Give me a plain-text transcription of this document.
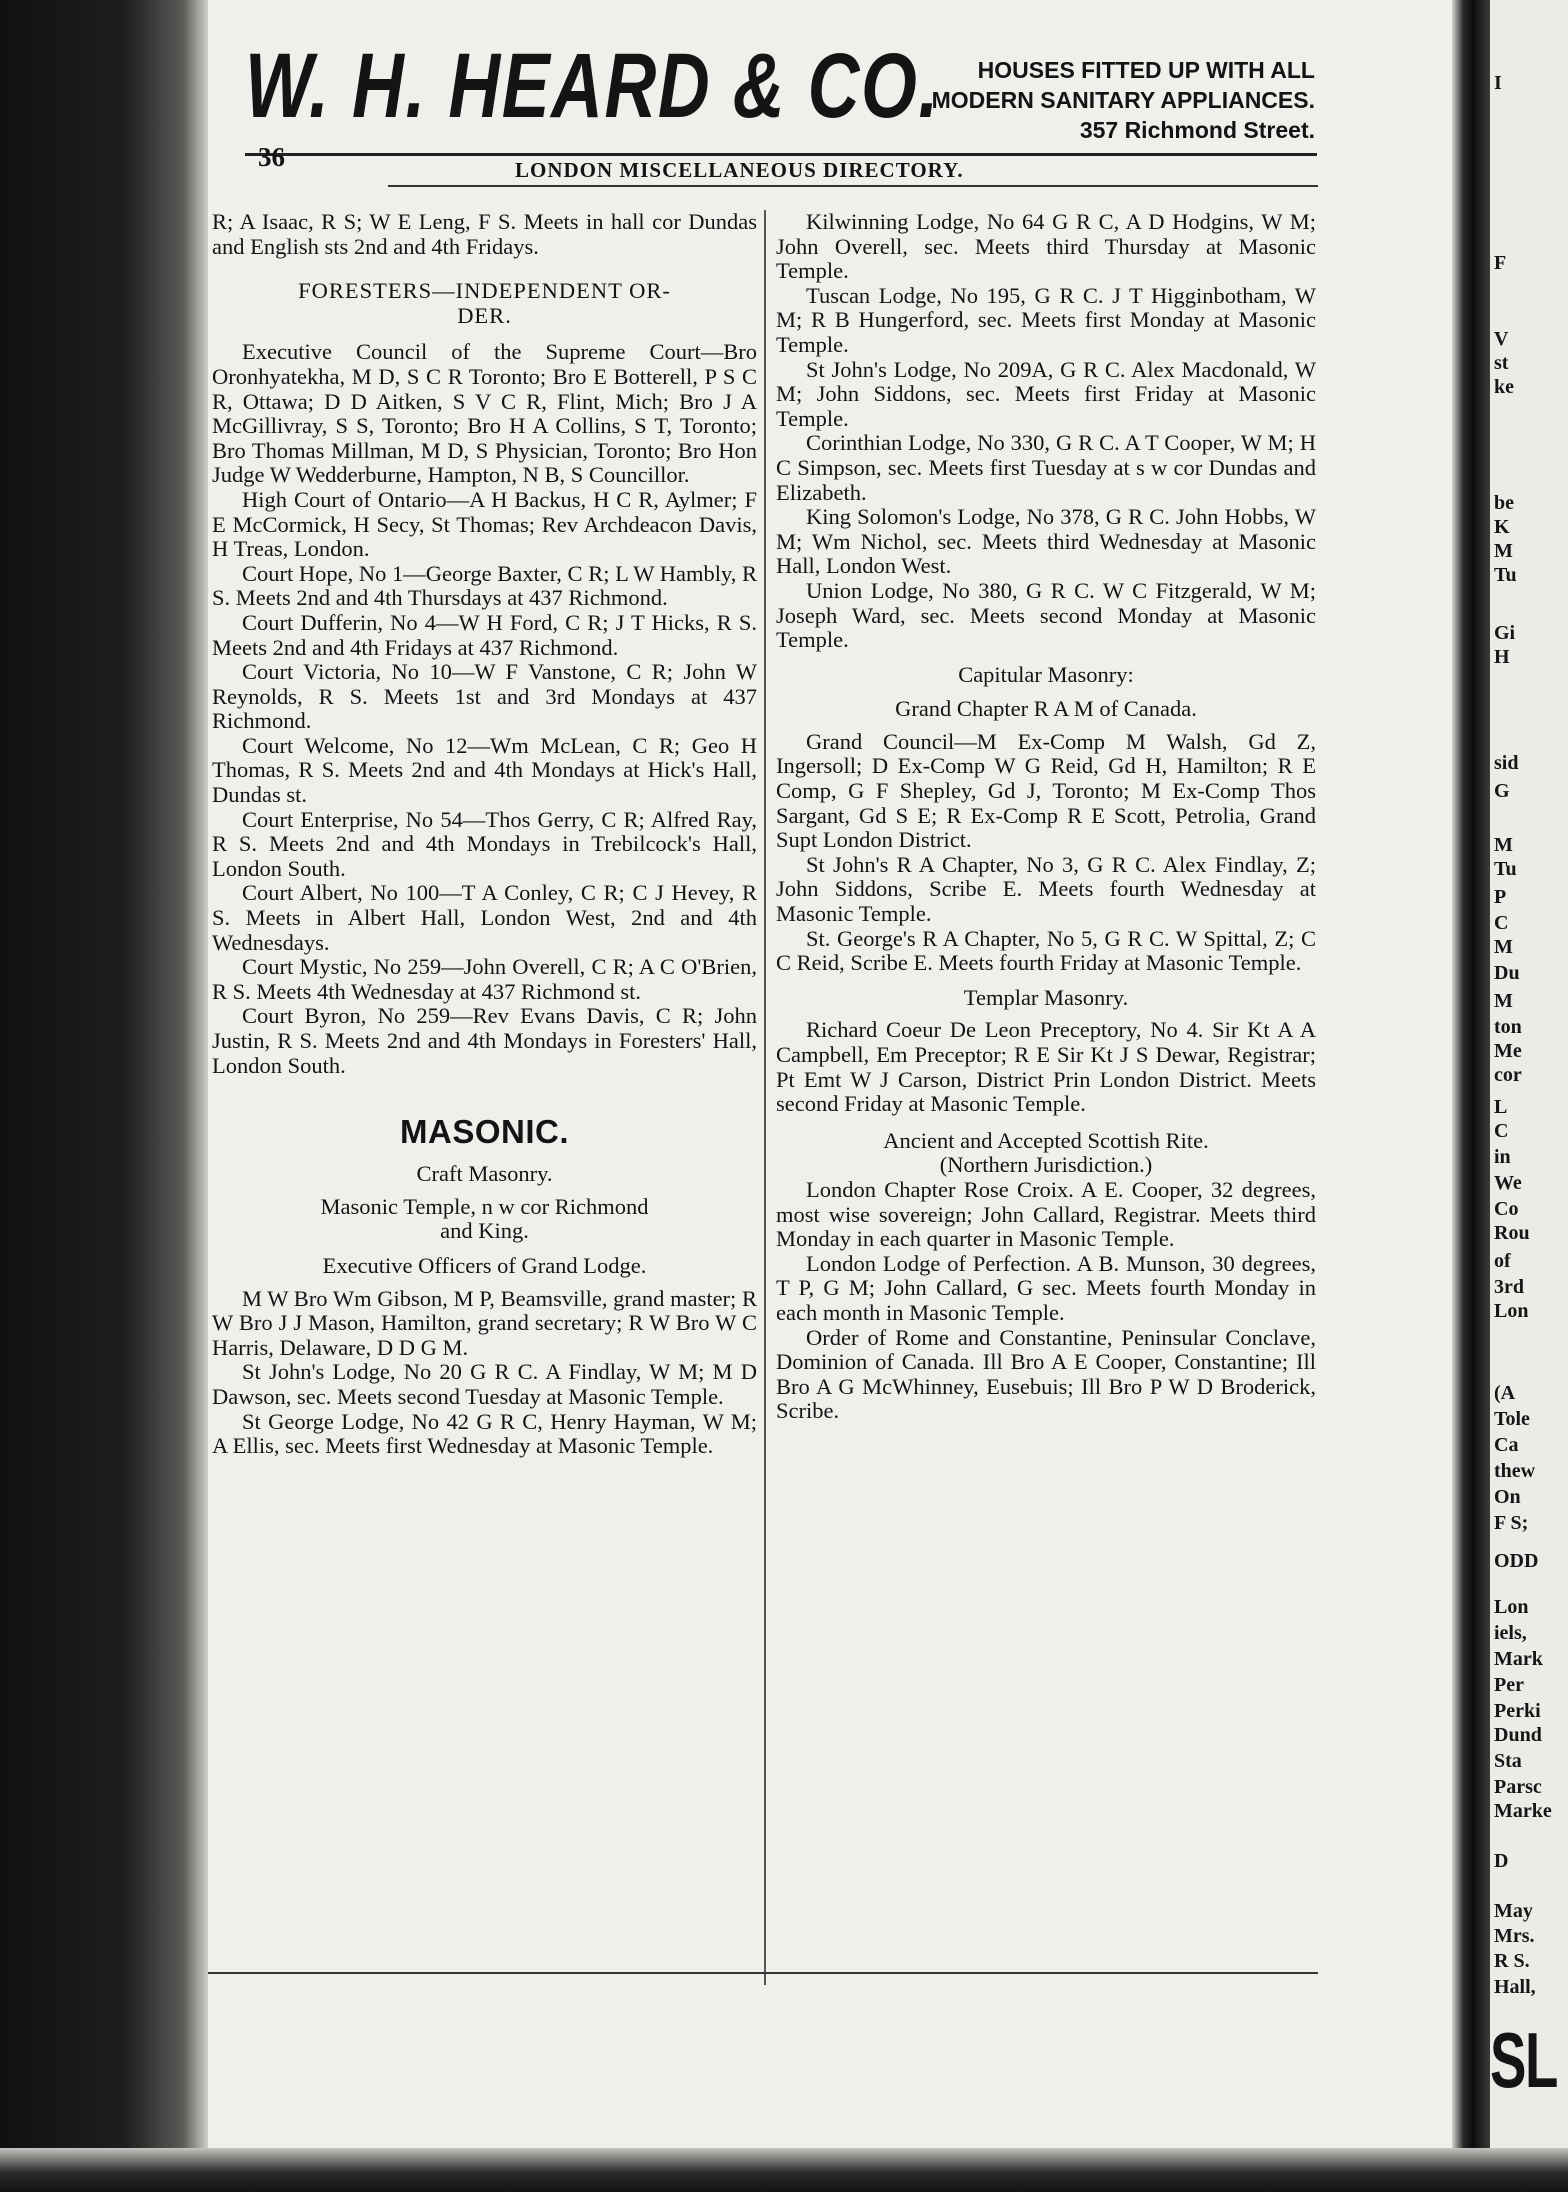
W. H. HEARD & CO.	HOUSES FITTED UP WITH ALL
MODERN SANITARY APPLIANCES.
357 Richmond Street.
36	LONDON MISCELLANEOUS DIRECTORY.

R; A Isaac, R S; W E Leng, F S. Meets in hall cor Dundas and English sts 2nd and 4th Fridays.

FORESTERS—INDEPENDENT OR-
DER.

Executive Council of the Supreme Court—Bro Oronhyatekha, M D, S C R Toronto; Bro E Botterell, P S C R, Ottawa; D D Aitken, S V C R, Flint, Mich; Bro J A McGillivray, S S, Toronto; Bro H A Collins, S T, Toronto; Bro Thomas Millman, M D, S Physician, Toronto; Bro Hon Judge W Wedderburne, Hampton, N B, S Councillor.

High Court of Ontario—A H Backus, H C R, Aylmer; F E McCormick, H Secy, St Thomas; Rev Archdeacon Davis, H Treas, London.

Court Hope, No 1—George Baxter, C R; L W Hambly, R S. Meets 2nd and 4th Thursdays at 437 Richmond.

Court Dufferin, No 4—W H Ford, C R; J T Hicks, R S. Meets 2nd and 4th Fridays at 437 Richmond.

Court Victoria, No 10—W F Vanstone, C R; John W Reynolds, R S. Meets 1st and 3rd Mondays at 437 Richmond.

Court Welcome, No 12—Wm McLean, C R; Geo H Thomas, R S. Meets 2nd and 4th Mondays at Hick's Hall, Dundas st.

Court Enterprise, No 54—Thos Gerry, C R; Alfred Ray, R S. Meets 2nd and 4th Mondays in Trebilcock's Hall, London South.

Court Albert, No 100—T A Conley, C R; C J Hevey, R S. Meets in Albert Hall, London West, 2nd and 4th Wednesdays.

Court Mystic, No 259—John Overell, C R; A C O'Brien, R S. Meets 4th Wednesday at 437 Richmond st.

Court Byron, No 259—Rev Evans Davis, C R; John Justin, R S. Meets 2nd and 4th Mondays in Foresters' Hall, London South.

MASONIC.
Craft Masonry.
Masonic Temple, n w cor Richmond
and King.
Executive Officers of Grand Lodge.

M W Bro Wm Gibson, M P, Beamsville, grand master; R W Bro J J Mason, Hamilton, grand secretary; R W Bro W C Harris, Delaware, D D G M.

St John's Lodge, No 20 G R C. A Findlay, W M; M D Dawson, sec. Meets second Tuesday at Masonic Temple.

St George Lodge, No 42 G R C, Henry Hayman, W M; A Ellis, sec. Meets first Wednesday at Masonic Temple.

Kilwinning Lodge, No 64 G R C, A D Hodgins, W M; John Overell, sec. Meets third Thursday at Masonic Temple.

Tuscan Lodge, No 195, G R C. J T Higginbotham, W M; R B Hungerford, sec. Meets first Monday at Masonic Temple.

St John's Lodge, No 209A, G R C. Alex Macdonald, W M; John Siddons, sec. Meets first Friday at Masonic Temple.

Corinthian Lodge, No 330, G R C. A T Cooper, W M; H C Simpson, sec. Meets first Tuesday at s w cor Dundas and Elizabeth.

King Solomon's Lodge, No 378, G R C. John Hobbs, W M; Wm Nichol, sec. Meets third Wednesday at Masonic Hall, London West.

Union Lodge, No 380, G R C. W C Fitzgerald, W M; Joseph Ward, sec. Meets second Monday at Masonic Temple.

Capitular Masonry:
Grand Chapter R A M of Canada.

Grand Council—M Ex-Comp M Walsh, Gd Z, Ingersoll; D Ex-Comp W G Reid, Gd H, Hamilton; R E Comp, G F Shepley, Gd J, Toronto; M Ex-Comp Thos Sargant, Gd S E; R Ex-Comp R E Scott, Petrolia, Grand Supt London District.

St John's R A Chapter, No 3, G R C. Alex Findlay, Z; John Siddons, Scribe E. Meets fourth Wednesday at Masonic Temple.

St. George's R A Chapter, No 5, G R C. W Spittal, Z; C C Reid, Scribe E. Meets fourth Friday at Masonic Temple.

Templar Masonry.

Richard Coeur De Leon Preceptory, No 4. Sir Kt A A Campbell, Em Preceptor; R E Sir Kt J S Dewar, Registrar; Pt Emt W J Carson, District Prin London District. Meets second Friday at Masonic Temple.

Ancient and Accepted Scottish Rite.
(Northern Jurisdiction.)

London Chapter Rose Croix. A E. Cooper, 32 degrees, most wise sovereign; John Callard, Registrar. Meets third Monday in each quarter in Masonic Temple.

London Lodge of Perfection. A B. Munson, 30 degrees, T P, G M; John Callard, G sec. Meets fourth Monday in each month in Masonic Temple.

Order of Rome and Constantine, Peninsular Conclave, Dominion of Canada. Ill Bro A E Cooper, Constantine; Ill Bro A G McWhinney, Eusebuis; Ill Bro P W D Broderick, Scribe.

I
F
V
st
ke
be
K
M
Tu
Gi
H
sid
G
M
Tu
P
C
M
Du
M
ton
Me
cor
L
C
in
We
Co
Rou
of
3rd
Lon
(A
Tole
Ca
thew
On
F S;
ODD
Lon
iels,
Mark
Per
Perki
Dund
Sta
Parsc
Marke
D
May
Mrs.
R S.
Hall,
SL
